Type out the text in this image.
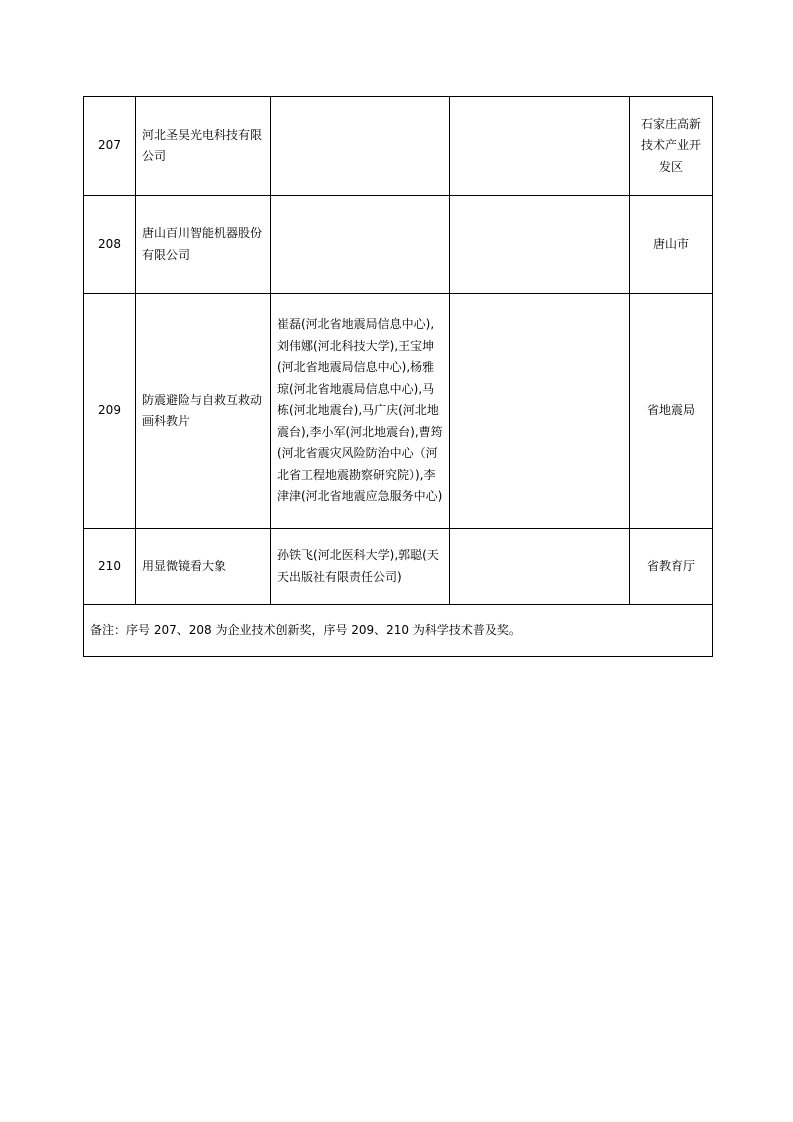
207	河北圣昊光电科技有限公司			石家庄高新技术产业开发区
208	唐山百川智能机器股份有限公司			唐山市
209	防震避险与自救互救动画科教片	崔磊(河北省地震局信息中心),刘伟娜(河北科技大学),王宝坤(河北省地震局信息中心),杨雅琼(河北省地震局信息中心),马栋(河北地震台),马广庆(河北地震台),李小军(河北地震台),曹筠(河北省震灾风险防治中心（河北省工程地震勘察研究院）),李津津(河北省地震应急服务中心)		省地震局
210	用显微镜看大象	孙铁飞(河北医科大学),郭聪(天天出版社有限责任公司)		省教育厅
备注：序号 207、208 为企业技术创新奖，序号 209、210 为科学技术普及奖。				
